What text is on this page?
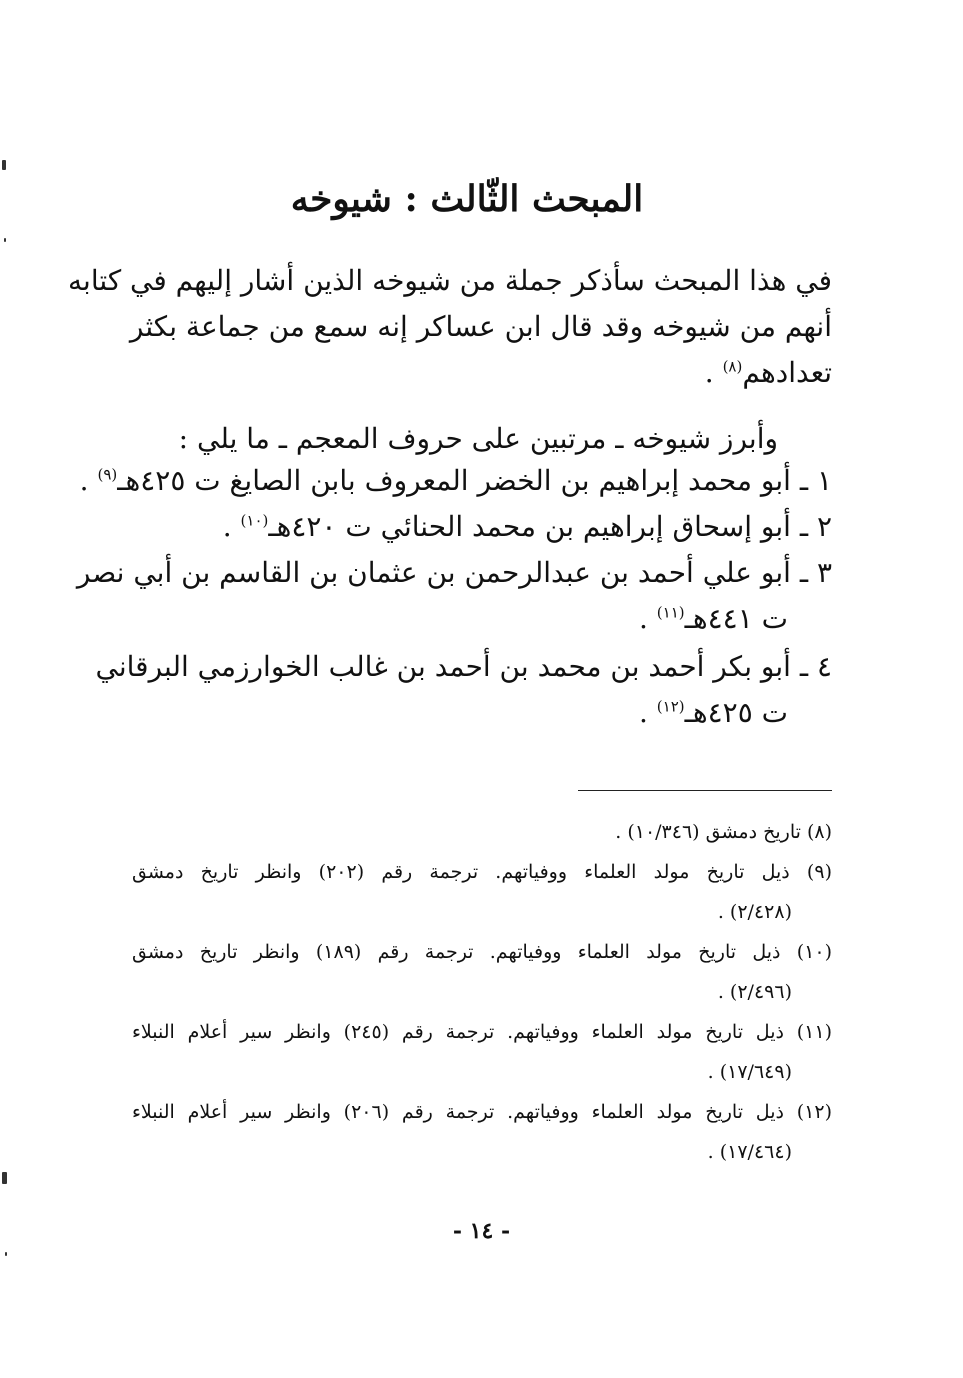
المبحث الثّالث : شيوخه
في هذا المبحث سأذكر جملة من شيوخه الذين أشار إليهم في كتابه
أنهم من شيوخه وقد قال ابن عساكر إنه سمع من جماعة بكثر
تعدادهم$^{(٨)}$ .
وأبرز شيوخه ـ مرتبين على حروف المعجم ـ ما يلي :
١ ـ أبو محمد إبراهيم بن الخضر المعروف بابن الصايغ ت ٤٢٥هـ$^{(٩)}$ .
٢ ـ أبو إسحاق إبراهيم بن محمد الحنائي ت ٤٢٠هـ$^{(١٠)}$ .
٣ ـ أبو علي أحمد بن عبدالرحمن بن عثمان بن القاسم بن أبي نصر
ت ٤٤١هـ$^{(١١)}$ .
٤ ـ أبو بكر أحمد بن محمد بن أحمد بن غالب الخوارزمي البرقاني
ت ٤٢٥هـ$^{(١٢)}$ .
(٨) تاريخ دمشق (١٠/٣٤٦) .
(٩) ذيل تاريخ مولد العلماء ووفياتهم. ترجمة رقم (٢٠٢) وانظر تاريخ دمشق
(٢/٤٢٨) .
(١٠) ذيل تاريخ مولد العلماء ووفياتهم. ترجمة رقم (١٨٩) وانظر تاريخ دمشق
(٢/٤٩٦) .
(١١) ذيل تاريخ مولد العلماء ووفياتهم. ترجمة رقم (٢٤٥) وانظر سير أعلام النبلاء
(١٧/٦٤٩) .
(١٢) ذيل تاريخ مولد العلماء ووفياتهم. ترجمة رقم (٢٠٦) وانظر سير أعلام النبلاء
(١٧/٤٦٤) .
- ١٤ -
